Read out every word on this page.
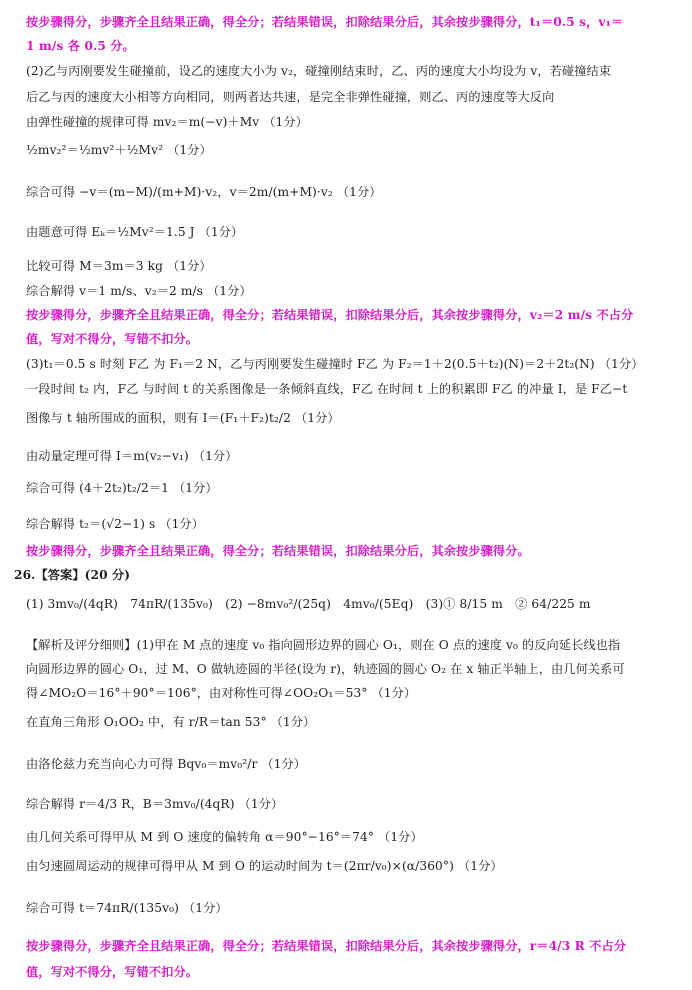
按步骤得分，步骤齐全且结果正确，得全分；若结果错误，扣除结果分后，其余按步骤得分，t₁＝0.5 s，v₁＝
1 m/s 各 0.5 分。
(2)乙与丙刚要发生碰撞前，设乙的速度大小为 v₂，碰撞刚结束时，乙、丙的速度大小均设为 v，若碰撞结束
后乙与丙的速度大小相等方向相同，则两者达共速，是完全非弹性碰撞，则乙、丙的速度等大反向
由弹性碰撞的规律可得 mv₂＝m(−v)＋Mv （1分）
½mv₂²＝½mv²＋½Mv² （1分）
综合可得 −v＝(m−M)/(m+M)·v₂，v＝2m/(m+M)·v₂ （1分）
由题意可得 Eₖ＝½Mv²＝1.5 J （1分）
比较可得 M＝3m＝3 kg （1分）
综合解得 v＝1 m/s、v₂＝2 m/s （1分）
按步骤得分，步骤齐全且结果正确，得全分；若结果错误，扣除结果分后，其余按步骤得分，v₂＝2 m/s 不占分
值，写对不得分，写错不扣分。
(3)t₁＝0.5 s 时刻 F乙 为 F₁＝2 N，乙与丙刚要发生碰撞时 F乙 为 F₂＝1＋2(0.5＋t₂)(N)＝2＋2t₂(N) （1分）
一段时间 t₂ 内，F乙 与时间 t 的关系图像是一条倾斜直线，F乙 在时间 t 上的积累即 F乙 的冲量 I，是 F乙−t
图像与 t 轴所围成的面积，则有 I＝(F₁＋F₂)t₂/2 （1分）
由动量定理可得 I＝m(v₂−v₁) （1分）
综合可得 (4＋2t₂)t₂/2＝1 （1分）
综合解得 t₂＝(√2−1) s （1分）
按步骤得分，步骤齐全且结果正确，得全分；若结果错误，扣除结果分后，其余按步骤得分。
26.【答案】(20 分)
(1) 3mv₀/(4qR)　74πR/(135v₀)　(2) −8mv₀²/(25q)　4mv₀/(5Eq)　(3)① 8/15 m　② 64/225 m
【解析及评分细则】(1)甲在 M 点的速度 v₀ 指向圆形边界的圆心 O₁，则在 O 点的速度 v₀ 的反向延长线也指
向圆形边界的圆心 O₁，过 M、O 做轨迹圆的半径(设为 r)，轨迹圆的圆心 O₂ 在 x 轴正半轴上，由几何关系可
得∠MO₂O＝16°＋90°＝106°，由对称性可得∠OO₂O₁＝53° （1分）
在直角三角形 O₁OO₂ 中，有 r/R＝tan 53° （1分）
由洛伦兹力充当向心力可得 Bqv₀＝mv₀²/r （1分）
综合解得 r＝4/3 R，B＝3mv₀/(4qR) （1分）
由几何关系可得甲从 M 到 O 速度的偏转角 α＝90°−16°＝74° （1分）
由匀速圆周运动的规律可得甲从 M 到 O 的运动时间为 t＝(2πr/v₀)×(α/360°) （1分）
综合可得 t＝74πR/(135v₀) （1分）
按步骤得分，步骤齐全且结果正确，得全分；若结果错误，扣除结果分后，其余按步骤得分，r＝4/3 R 不占分
值，写对不得分，写错不扣分。
